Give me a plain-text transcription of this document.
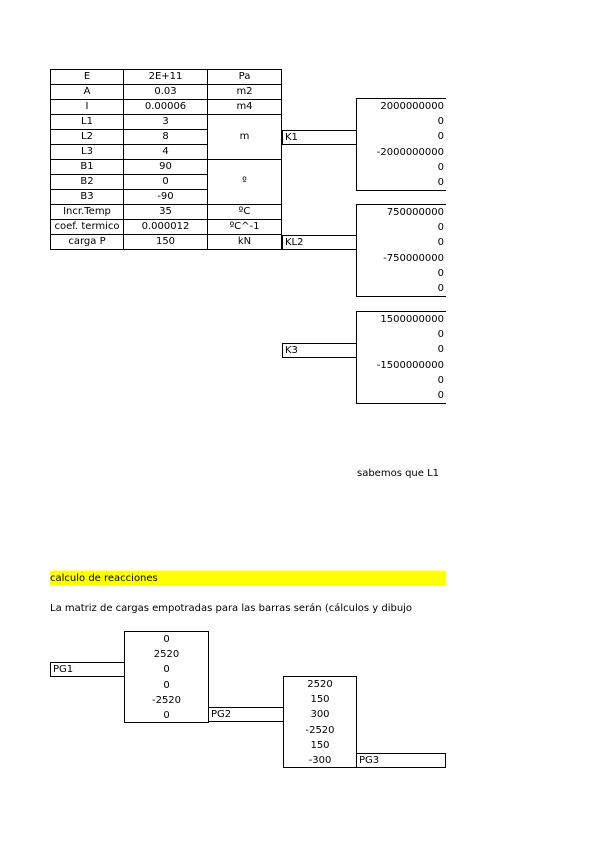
E	2E+11	Pa
A	0.03	m2
I	0.00006	m4
L1	3	m
L2	8	
L3	4	
B1	90	º
B2	0	
B3	-90	
Incr.Temp	35	ºC
coef. termico	0.000012	ºC^-1
carga P	150	kN
K1
2000000000
0
0
-2000000000
0
0
KL2
750000000
0
0
-750000000
0
0
K3
1500000000
0
0
-1500000000
0
0
sabemos que L1
calculo de reacciones
La matriz de cargas empotradas para las barras serán (cálculos y dibujo
PG1
0
2520
0
0
-2520
0	PG2
2520
150
300
-2520
150
-300	PG3
